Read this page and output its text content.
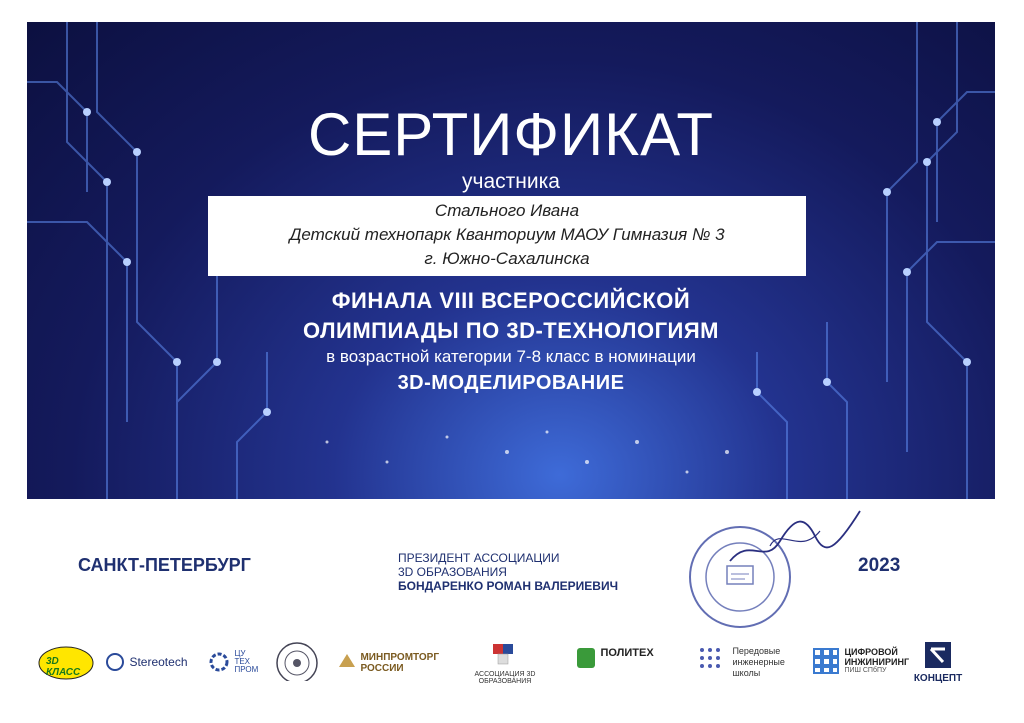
СЕРТИФИКАТ
участника
Стального Ивана
Детский технопарк Кванториум МАОУ Гимназия № 3
г. Южно-Сахалинска
ФИНАЛА VIII ВСЕРОССИЙСКОЙ
ОЛИМПИАДЫ ПО 3D-ТЕХНОЛОГИЯМ
в возрастной категории 7-8 класс в номинации
3D-МОДЕЛИРОВАНИЕ
САНКТ-ПЕТЕРБУРГ	ПРЕЗИДЕНТ АССОЦИАЦИИ
3D ОБРАЗОВАНИЯ
БОНДАРЕНКО РОМАН ВАЛЕРИЕВИЧ
2023
3D КЛАСС
Stereotech
ЦУ ТЕХ ПРОМ
МИНПРОМТОРГ РОССИИ
АССОЦИАЦИЯ 3D ОБРАЗОВАНИЯ
$^{ПОЛИТЕХ}$	Передовые инженерные школы

ЦИФРОВОЙ ИНЖИНИРИНГ
ПИШ СПбПУ
КОНЦЕПТ
